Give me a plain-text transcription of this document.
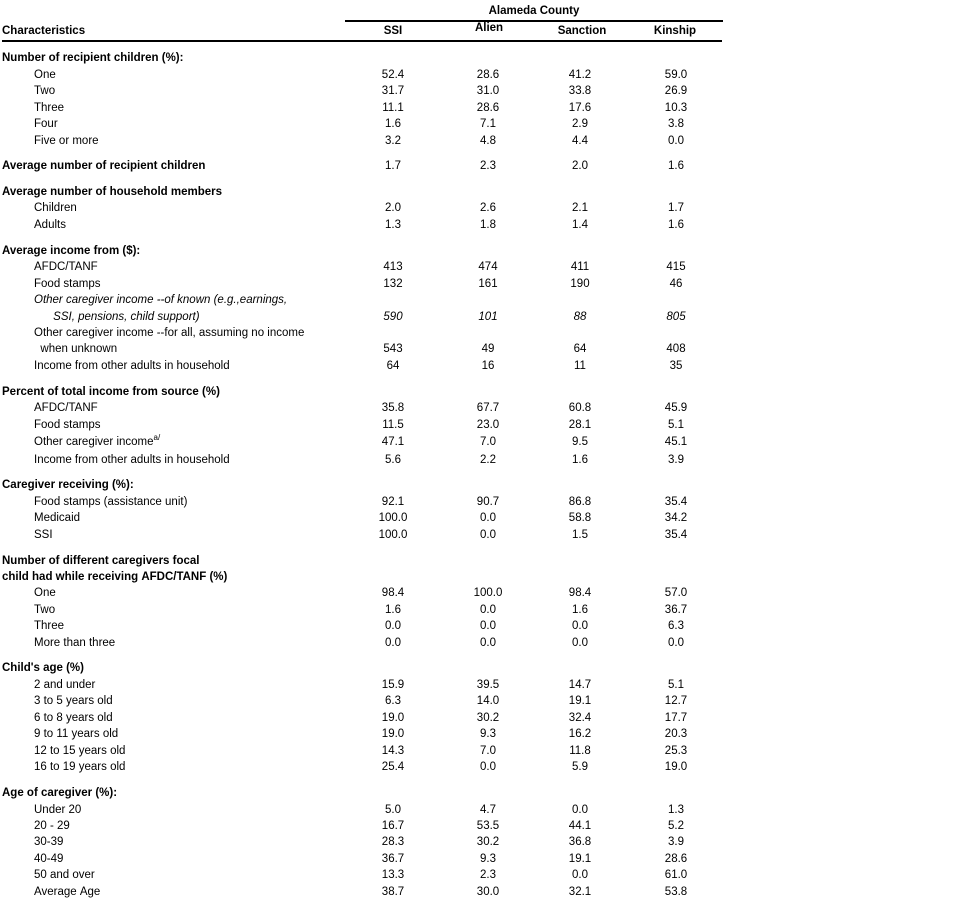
Alameda County
Characteristics	SSI	Alien	Sanction	Kinship
Number of recipient children (%):
One	52.4	28.6	41.2	59.0
Two	31.7	31.0	33.8	26.9
Three	11.1	28.6	17.6	10.3
Four	1.6	7.1	2.9	3.8
Five or more	3.2	4.8	4.4	0.0
Average number of recipient children	1.7	2.3	2.0	1.6
Average number of household members
Children	2.0	2.6	2.1	1.7
Adults	1.3	1.8	1.4	1.6
Average income from ($):
AFDC/TANF	413	474	411	415
Food stamps	132	161	190	46
Other caregiver income --of known (e.g.,earnings,
SSI, pensions, child support)	590	101	88	805
Other caregiver income --for all, assuming no income
when unknown	543	49	64	408
Income from other adults in household	64	16	11	35
Percent of total income from source (%)
AFDC/TANF	35.8	67.7	60.8	45.9
Food stamps	11.5	23.0	28.1	5.1
Other caregiver income$^{a/}$	47.1	7.0	9.5	45.1
Income from other adults in household	5.6	2.2	1.6	3.9
Caregiver receiving (%):
Food stamps (assistance unit)	92.1	90.7	86.8	35.4
Medicaid	100.0	0.0	58.8	34.2
SSI	100.0	0.0	1.5	35.4
Number of different caregivers focal
child had while receiving AFDC/TANF (%)
One	98.4	100.0	98.4	57.0
Two	1.6	0.0	1.6	36.7
Three	0.0	0.0	0.0	6.3
More than three	0.0	0.0	0.0	0.0
Child's age (%)
2 and under	15.9	39.5	14.7	5.1
3 to 5 years old	6.3	14.0	19.1	12.7
6 to 8 years old	19.0	30.2	32.4	17.7
9 to 11 years old	19.0	9.3	16.2	20.3
12 to 15 years old	14.3	7.0	11.8	25.3
16 to 19 years old	25.4	0.0	5.9	19.0
Age of caregiver (%):
Under 20	5.0	4.7	0.0	1.3
20 - 29	16.7	53.5	44.1	5.2
30-39	28.3	30.2	36.8	3.9
40-49	36.7	9.3	19.1	28.6
50 and over	13.3	2.3	0.0	61.0
Average Age	38.7	30.0	32.1	53.8
